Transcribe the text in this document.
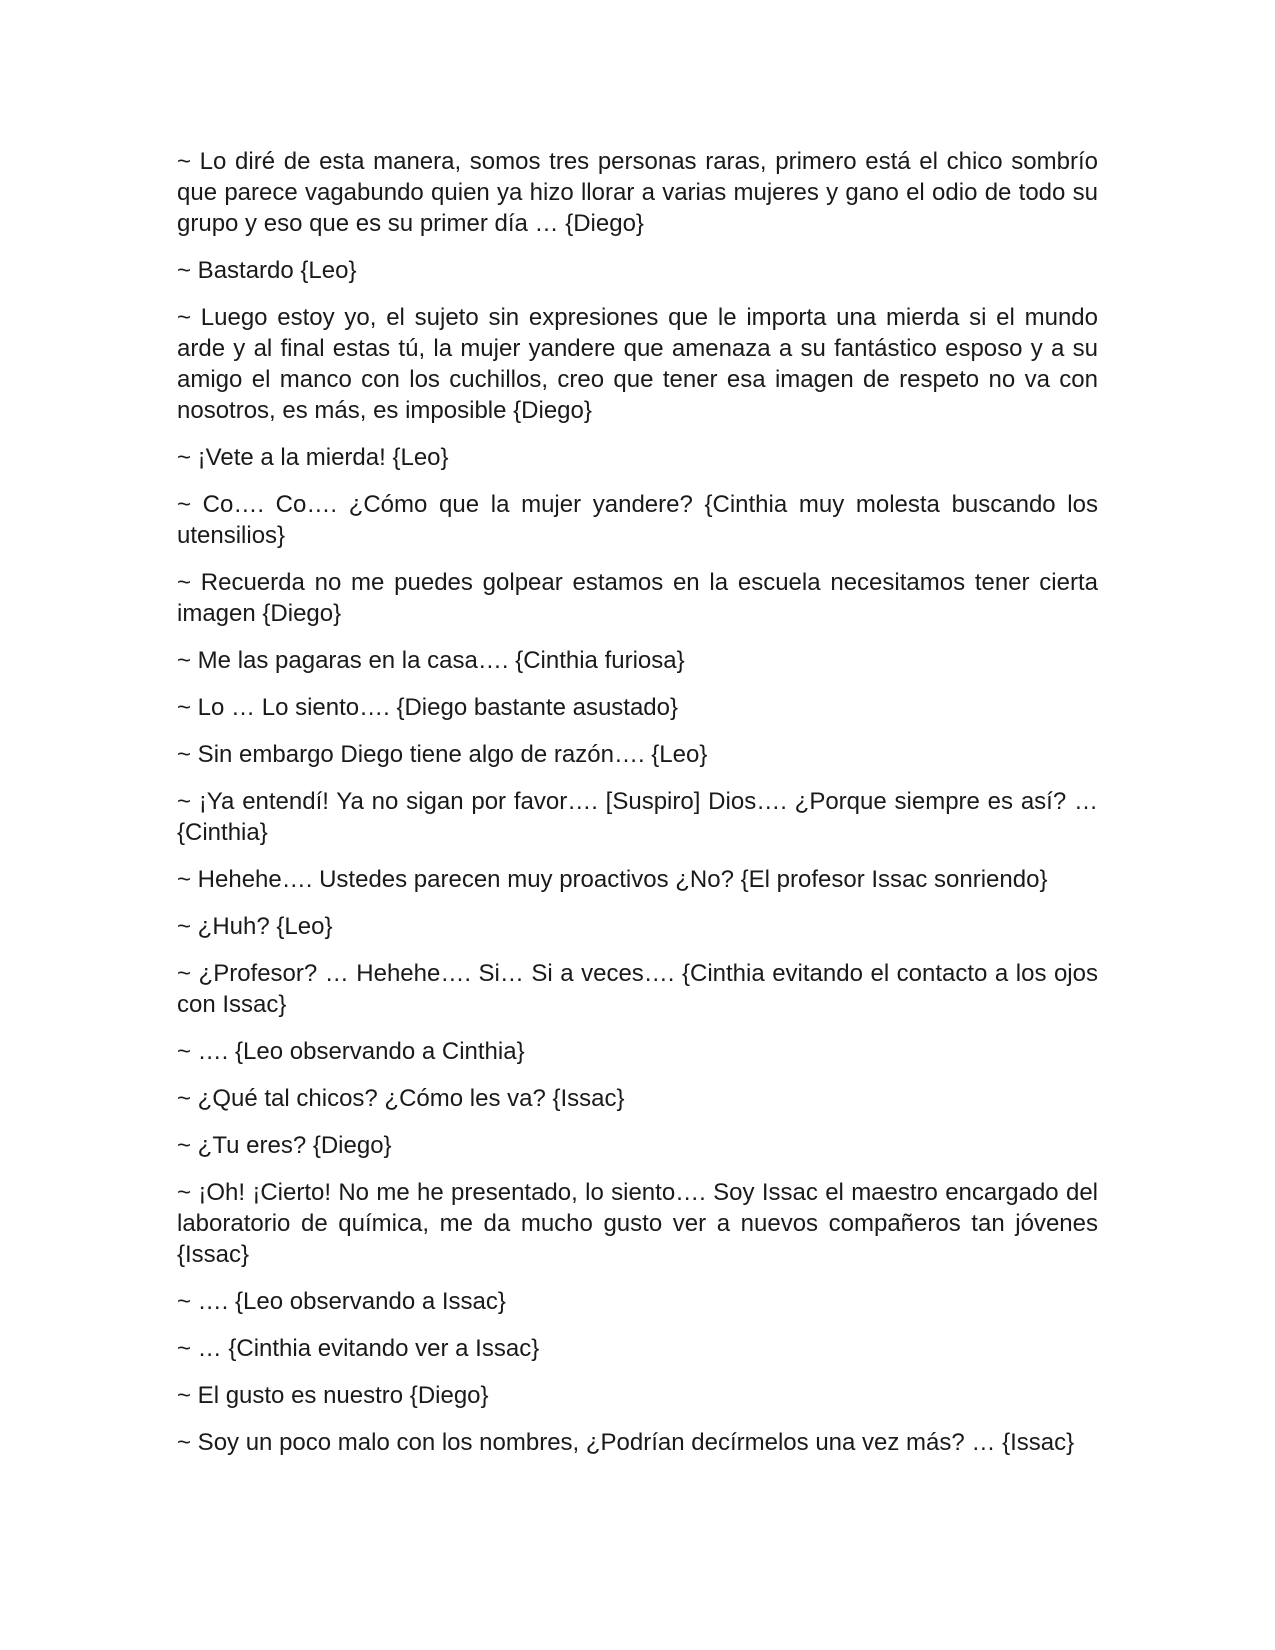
~ Lo diré de esta manera, somos tres personas raras, primero está el chico sombrío que parece vagabundo quien ya hizo llorar a varias mujeres y gano el odio de todo su grupo y eso que es su primer día … {Diego}

~ Bastardo {Leo}

~ Luego estoy yo, el sujeto sin expresiones que le importa una mierda si el mundo arde y al final estas tú, la mujer yandere que amenaza a su fantástico esposo y a su amigo el manco con los cuchillos, creo que tener esa imagen de respeto no va con nosotros, es más, es imposible {Diego}

~ ¡Vete a la mierda! {Leo}

~ Co…. Co…. ¿Cómo que la mujer yandere? {Cinthia muy molesta buscando los utensilios}

~ Recuerda no me puedes golpear estamos en la escuela necesitamos tener cierta imagen {Diego}

~ Me las pagaras en la casa…. {Cinthia furiosa}

~ Lo … Lo siento…. {Diego bastante asustado}

~ Sin embargo Diego tiene algo de razón…. {Leo}

~ ¡Ya entendí! Ya no sigan por favor…. [Suspiro] Dios…. ¿Porque siempre es así? … {Cinthia}

~ Hehehe…. Ustedes parecen muy proactivos ¿No? {El profesor Issac sonriendo}

~ ¿Huh? {Leo}

~ ¿Profesor? … Hehehe…. Si… Si a veces…. {Cinthia evitando el contacto a los ojos con Issac}

~ …. {Leo observando a Cinthia}

~ ¿Qué tal chicos? ¿Cómo les va? {Issac}

~ ¿Tu eres? {Diego}

~ ¡Oh! ¡Cierto! No me he presentado, lo siento…. Soy Issac el maestro encargado del laboratorio de química, me da mucho gusto ver a nuevos compañeros tan jóvenes {Issac}

~ …. {Leo observando a Issac}

~ … {Cinthia evitando ver a Issac}

~ El gusto es nuestro {Diego}

~ Soy un poco malo con los nombres, ¿Podrían decírmelos una vez más? … {Issac}
